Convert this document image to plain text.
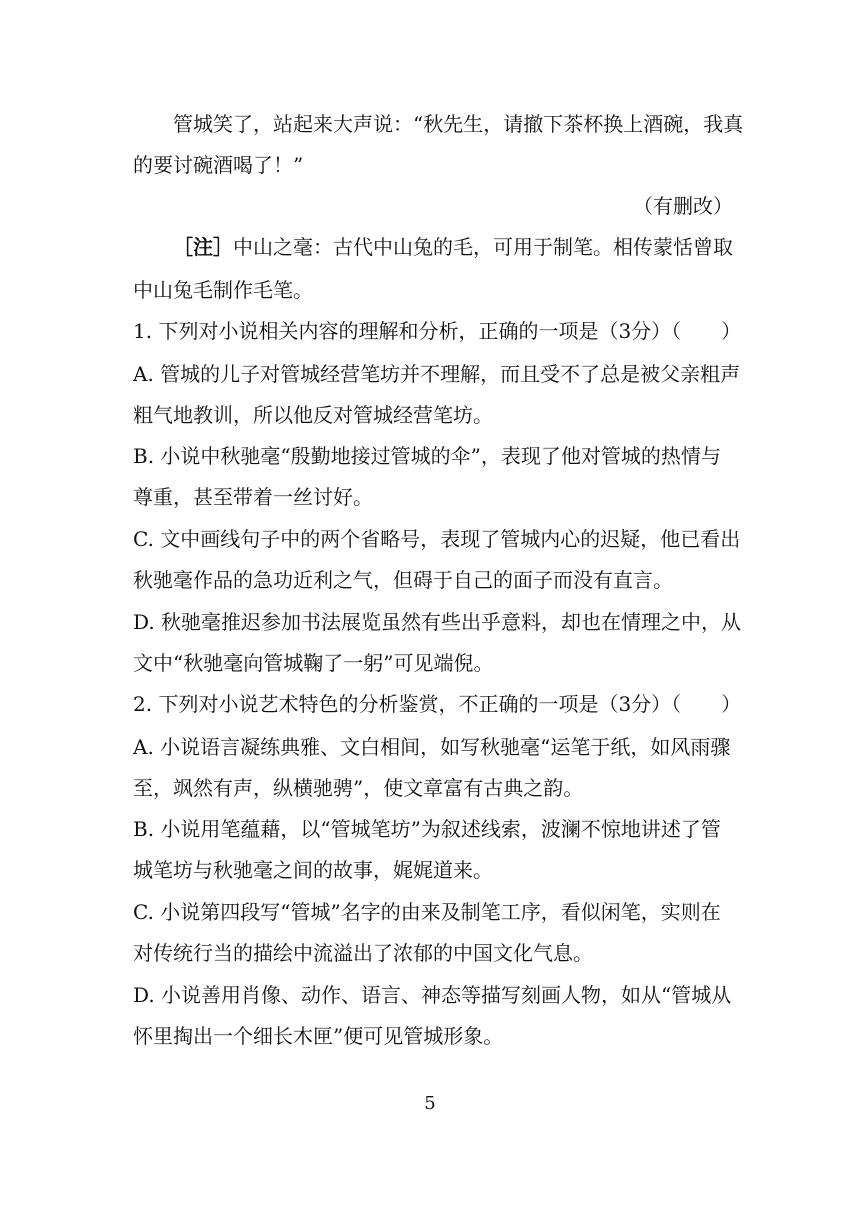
管城笑了，站起来大声说：“秋先生，请撤下茶杯换上酒碗，我真
的要讨碗酒喝了！”
（有删改）
［注］中山之毫：古代中山兔的毛，可用于制笔。相传蒙恬曾取
中山兔毛制作毛笔。
1. 下列对小说相关内容的理解和分析，正确的一项是（3分）（　　）
A. 管城的儿子对管城经营笔坊并不理解，而且受不了总是被父亲粗声
粗气地教训，所以他反对管城经营笔坊。
B. 小说中秋驰毫“殷勤地接过管城的伞”，表现了他对管城的热情与
尊重，甚至带着一丝讨好。
C. 文中画线句子中的两个省略号，表现了管城内心的迟疑，他已看出
秋驰毫作品的急功近利之气，但碍于自己的面子而没有直言。
D. 秋驰毫推迟参加书法展览虽然有些出乎意料，却也在情理之中，从
文中“秋驰毫向管城鞠了一躬”可见端倪。
2. 下列对小说艺术特色的分析鉴赏，不正确的一项是（3分）（　　）
A. 小说语言凝练典雅、文白相间，如写秋驰毫“运笔于纸，如风雨骤
至，飒然有声，纵横驰骋”，使文章富有古典之韵。
B. 小说用笔蕴藉，以“管城笔坊”为叙述线索，波澜不惊地讲述了管
城笔坊与秋驰毫之间的故事，娓娓道来。
C. 小说第四段写“管城”名字的由来及制笔工序，看似闲笔，实则在
对传统行当的描绘中流溢出了浓郁的中国文化气息。
D. 小说善用肖像、动作、语言、神态等描写刻画人物，如从“管城从
怀里掏出一个细长木匣”便可见管城形象。
5
